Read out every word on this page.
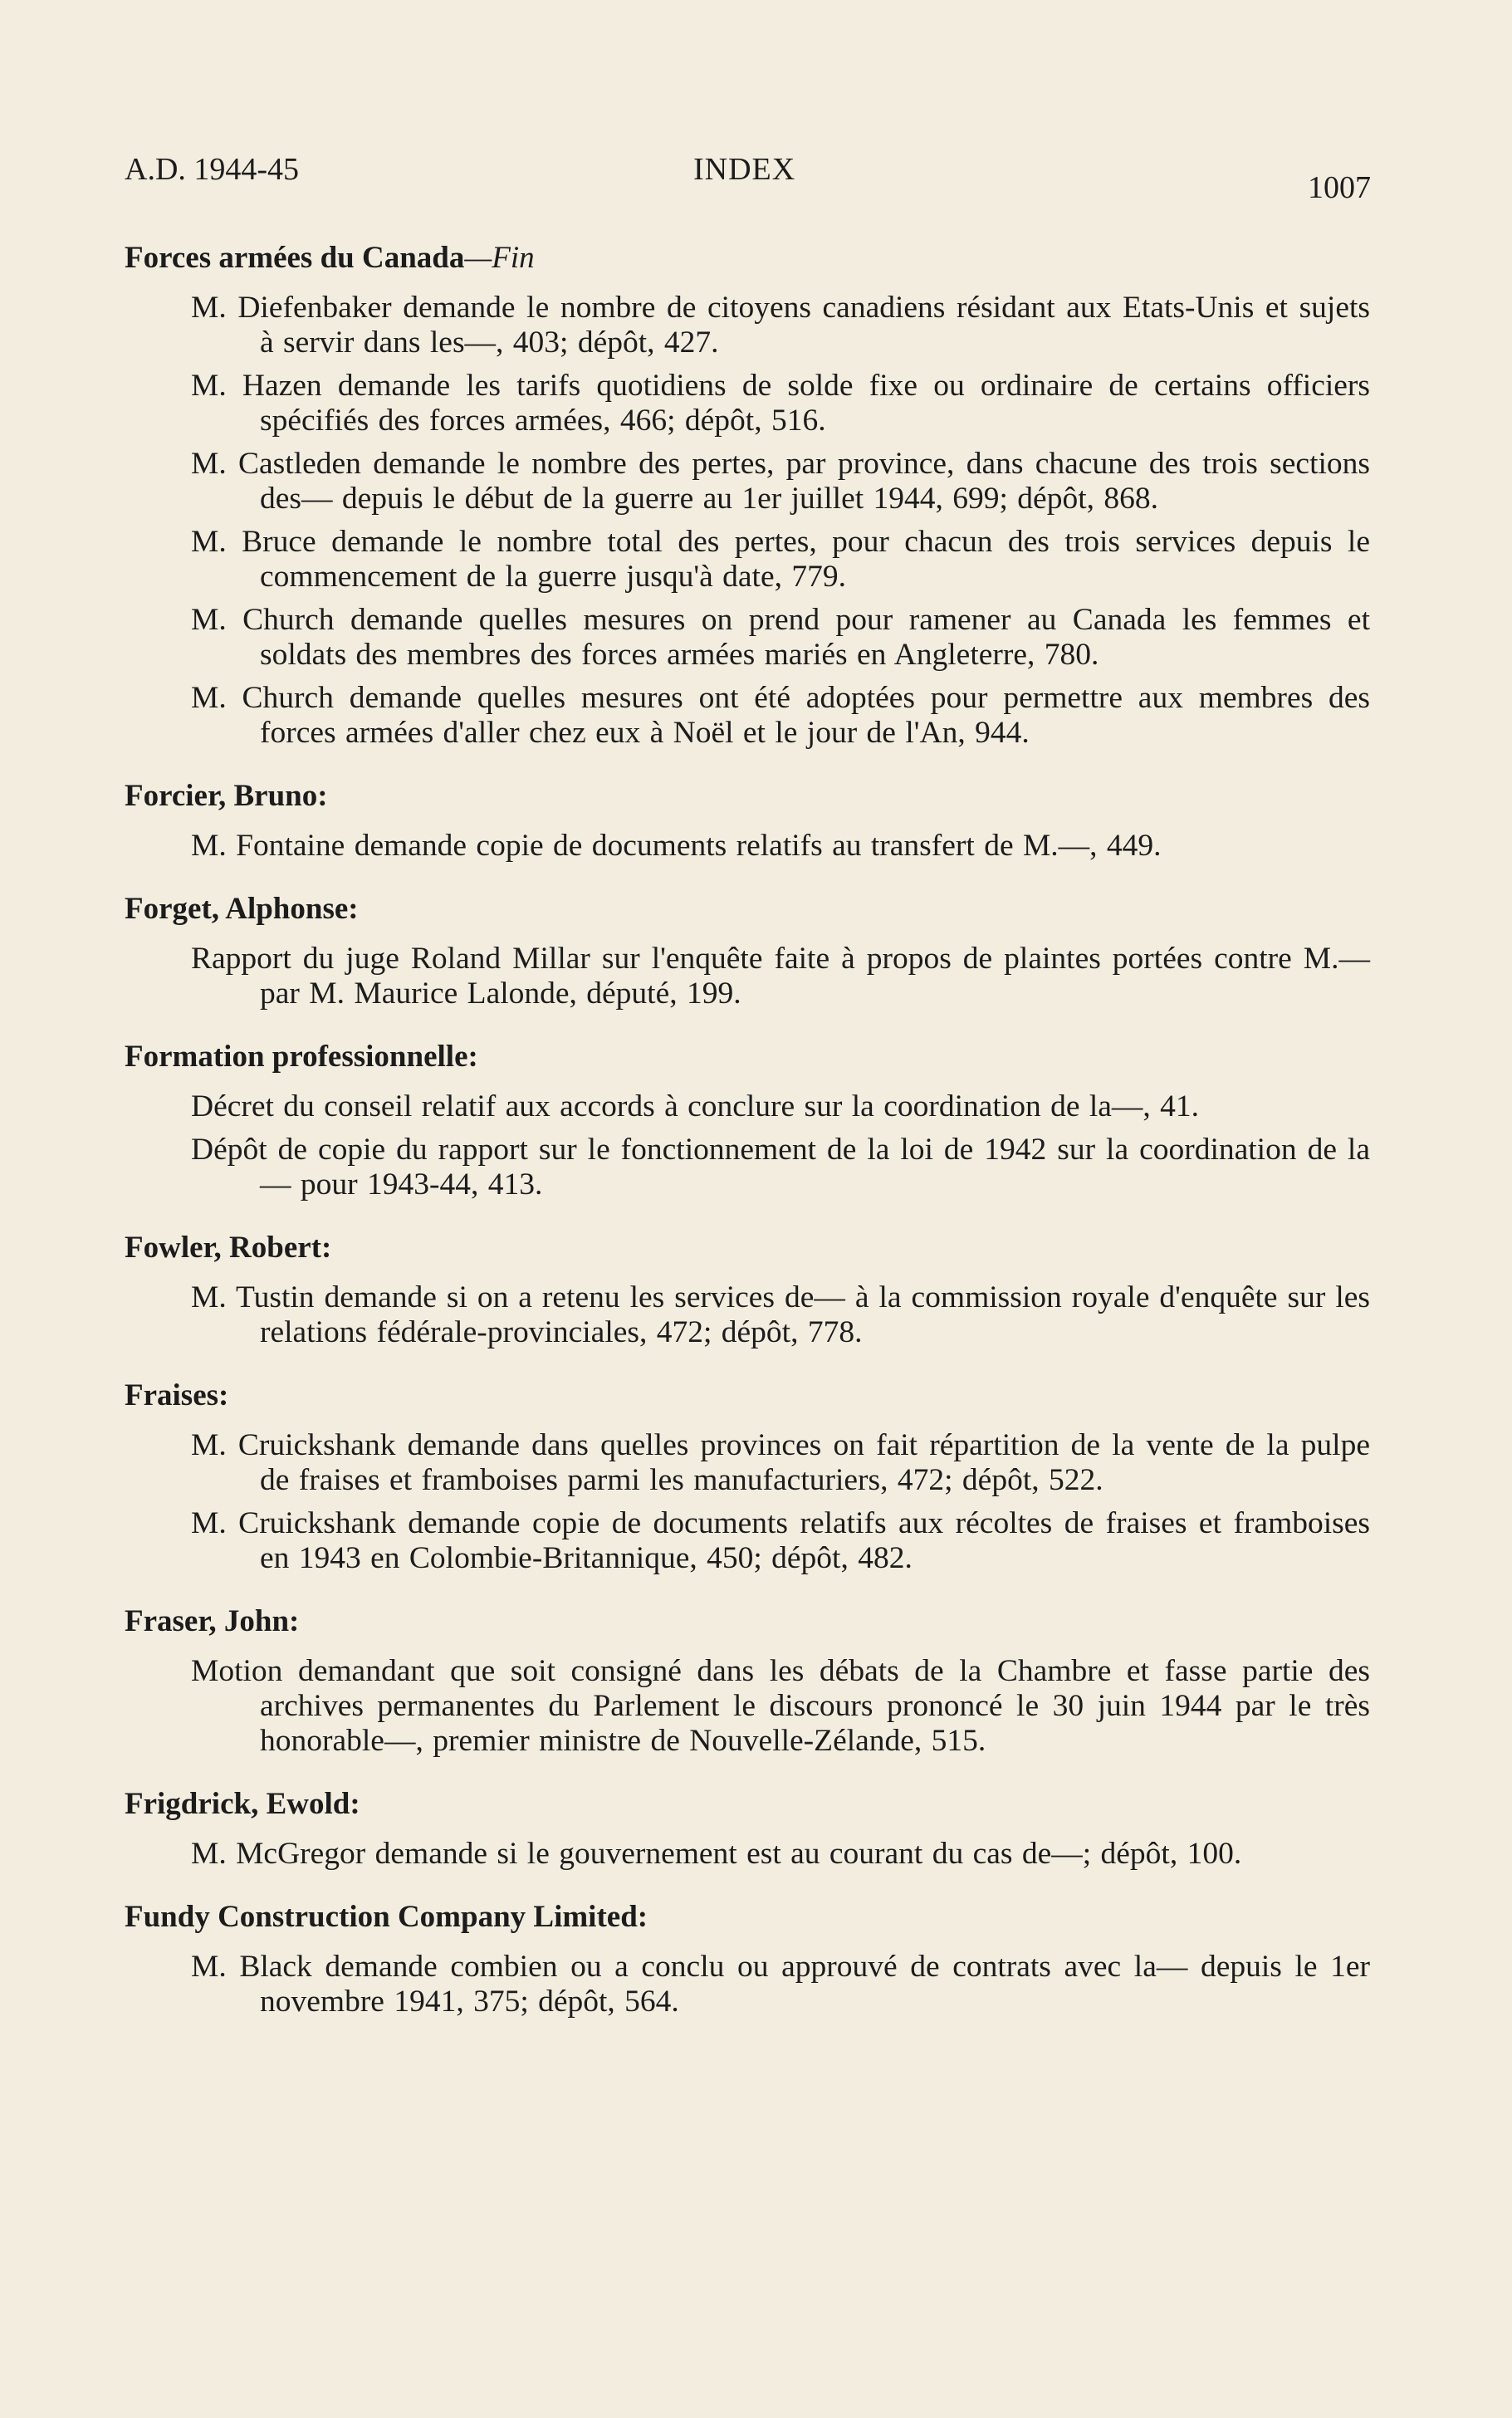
A.D. 1944-45	INDEX
1007
Forces armées du Canada—Fin
M. Diefenbaker demande le nombre de citoyens canadiens résidant aux Etats-Unis et sujets à servir dans les—, 403; dépôt, 427.
M. Hazen demande les tarifs quotidiens de solde fixe ou ordinaire de certains officiers spécifiés des forces armées, 466; dépôt, 516.
M. Castleden demande le nombre des pertes, par province, dans chacune des trois sections des— depuis le début de la guerre au 1er juillet 1944, 699; dépôt, 868.
M. Bruce demande le nombre total des pertes, pour chacun des trois services depuis le commencement de la guerre jusqu'à date, 779.
M. Church demande quelles mesures on prend pour ramener au Canada les femmes et soldats des membres des forces armées mariés en Angleterre, 780.
M. Church demande quelles mesures ont été adoptées pour permettre aux membres des forces armées d'aller chez eux à Noël et le jour de l'An, 944.
Forcier, Bruno:
M. Fontaine demande copie de documents relatifs au transfert de M.—, 449.
Forget, Alphonse:
Rapport du juge Roland Millar sur l'enquête faite à propos de plaintes portées contre M.— par M. Maurice Lalonde, député, 199.
Formation professionnelle:
Décret du conseil relatif aux accords à conclure sur la coordination de la—, 41.
Dépôt de copie du rapport sur le fonctionnement de la loi de 1942 sur la coordination de la— pour 1943-44, 413.
Fowler, Robert:
M. Tustin demande si on a retenu les services de— à la commission royale d'enquête sur les relations fédérale-provinciales, 472; dépôt, 778.
Fraises:
M. Cruickshank demande dans quelles provinces on fait répartition de la vente de la pulpe de fraises et framboises parmi les manufacturiers, 472; dépôt, 522.
M. Cruickshank demande copie de documents relatifs aux récoltes de fraises et framboises en 1943 en Colombie-Britannique, 450; dépôt, 482.
Fraser, John:
Motion demandant que soit consigné dans les débats de la Chambre et fasse partie des archives permanentes du Parlement le discours prononcé le 30 juin 1944 par le très honorable—, premier ministre de Nouvelle-Zélande, 515.
Frigdrick, Ewold:
M. McGregor demande si le gouvernement est au courant du cas de—; dépôt, 100.
Fundy Construction Company Limited:
M. Black demande combien ou a conclu ou approuvé de contrats avec la— depuis le 1er novembre 1941, 375; dépôt, 564.
